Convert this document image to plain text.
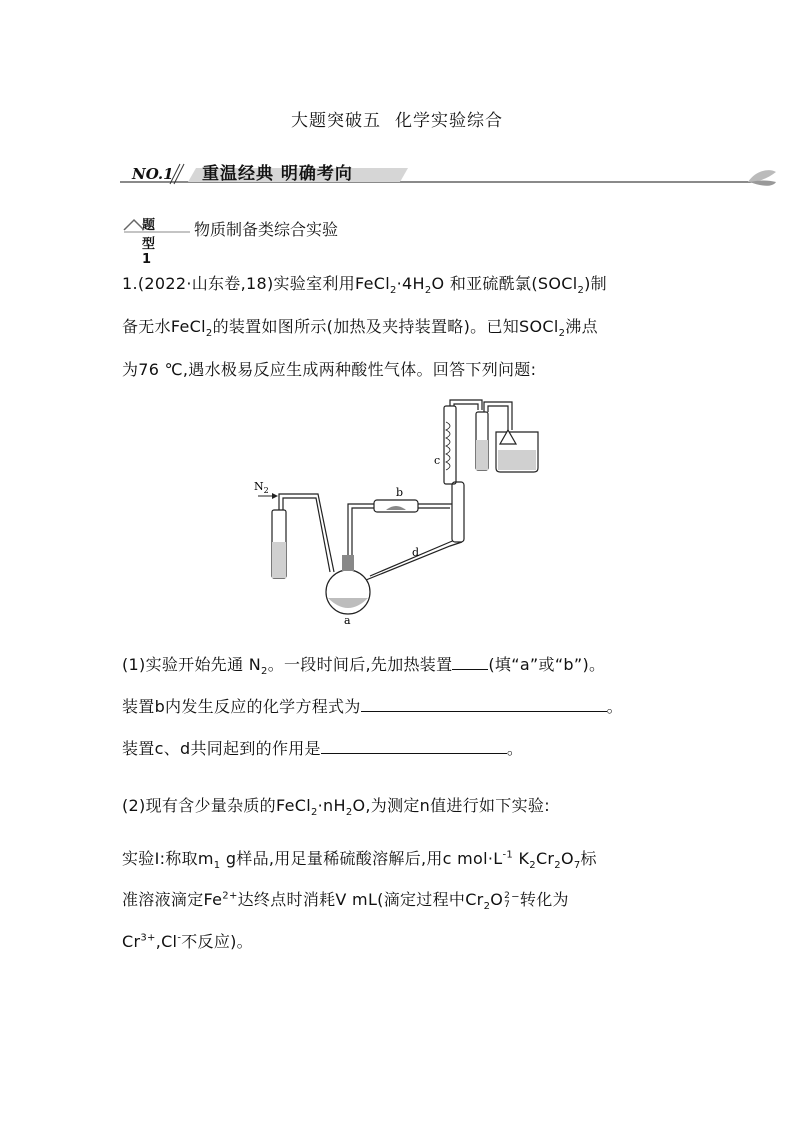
大题突破五 化学实验综合
NO.1 重温经典 明确考向
题型1
物质制备类综合实验
1.(2022·山东卷,18)实验室利用$FeCl_2\cdot 4H_2O$ 和亚硫酰氯(SOCl$_2$)制
备无水FeCl$_2$的装置如图所示(加热及夹持装置略)。已知SOCl$_2$沸点
为76 ℃,遇水极易反应生成两种酸性气体。回答下列问题:
a
b
c
d
$N_2$
(1)实验开始先通 $N_2$。一段时间后,先加热装置 (填“a”或“b”)。
装置b内发生反应的化学方程式为	。
装置c、d共同起到的作用是	。
(2)现有含少量杂质的$FeCl_2\cdot nH_2O$,为测定n值进行如下实验:
实验Ⅰ:称取$m_1$ g样品,用足量稀硫酸溶解后,用c $mol\cdot L^{-1}$ $K_2Cr_2O_7$标
准溶液滴定$Fe^{2+}$达终点时消耗V mL(滴定过程中$Cr_2O2$
7⁻转化为
$Cr^{3+},Cl^-$不反应)。
